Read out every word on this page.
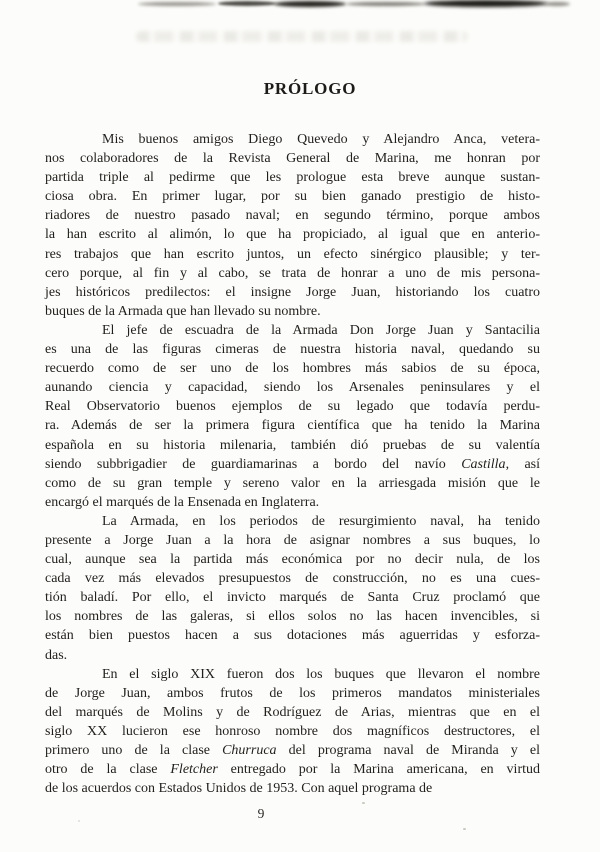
PRÓLOGO

Mis buenos amigos Diego Quevedo y Alejandro Anca, vetera-
nos colaboradores de la Revista General de Marina, me honran por
partida triple al pedirme que les prologue esta breve aunque sustan-
ciosa obra. En primer lugar, por su bien ganado prestigio de histo-
riadores de nuestro pasado naval; en segundo término, porque ambos
la han escrito al alimón, lo que ha propiciado, al igual que en anterio-
res trabajos que han escrito juntos, un efecto sinérgico plausible; y ter-
cero porque, al fin y al cabo, se trata de honrar a uno de mis persona-
jes históricos predilectos: el insigne Jorge Juan, historiando los cuatro
buques de la Armada que han llevado su nombre.

El jefe de escuadra de la Armada Don Jorge Juan y Santacilia
es una de las figuras cimeras de nuestra historia naval, quedando su
recuerdo como de ser uno de los hombres más sabios de su época,
aunando ciencia y capacidad, siendo los Arsenales peninsulares y el
Real Observatorio buenos ejemplos de su legado que todavía perdu-
ra. Además de ser la primera figura científica que ha tenido la Marina
española en su historia milenaria, también dió pruebas de su valentía
siendo subbrigadier de guardiamarinas a bordo del navío Castilla, así
como de su gran temple y sereno valor en la arriesgada misión que le
encargó el marqués de la Ensenada en Inglaterra.

La Armada, en los periodos de resurgimiento naval, ha tenido
presente a Jorge Juan a la hora de asignar nombres a sus buques, lo
cual, aunque sea la partida más económica por no decir nula, de los
cada vez más elevados presupuestos de construcción, no es una cues-
tión baladí. Por ello, el invicto marqués de Santa Cruz proclamó que
los nombres de las galeras, si ellos solos no las hacen invencibles, si
están bien puestos hacen a sus dotaciones más aguerridas y esforza-
das.

En el siglo XIX fueron dos los buques que llevaron el nombre
de Jorge Juan, ambos frutos de los primeros mandatos ministeriales
del marqués de Molins y de Rodríguez de Arias, mientras que en el
siglo XX lucieron ese honroso nombre dos magníficos destructores, el
primero uno de la clase Churruca del programa naval de Miranda y el
otro de la clase Fletcher entregado por la Marina americana, en virtud
de los acuerdos con Estados Unidos de 1953. Con aquel programa de

9
